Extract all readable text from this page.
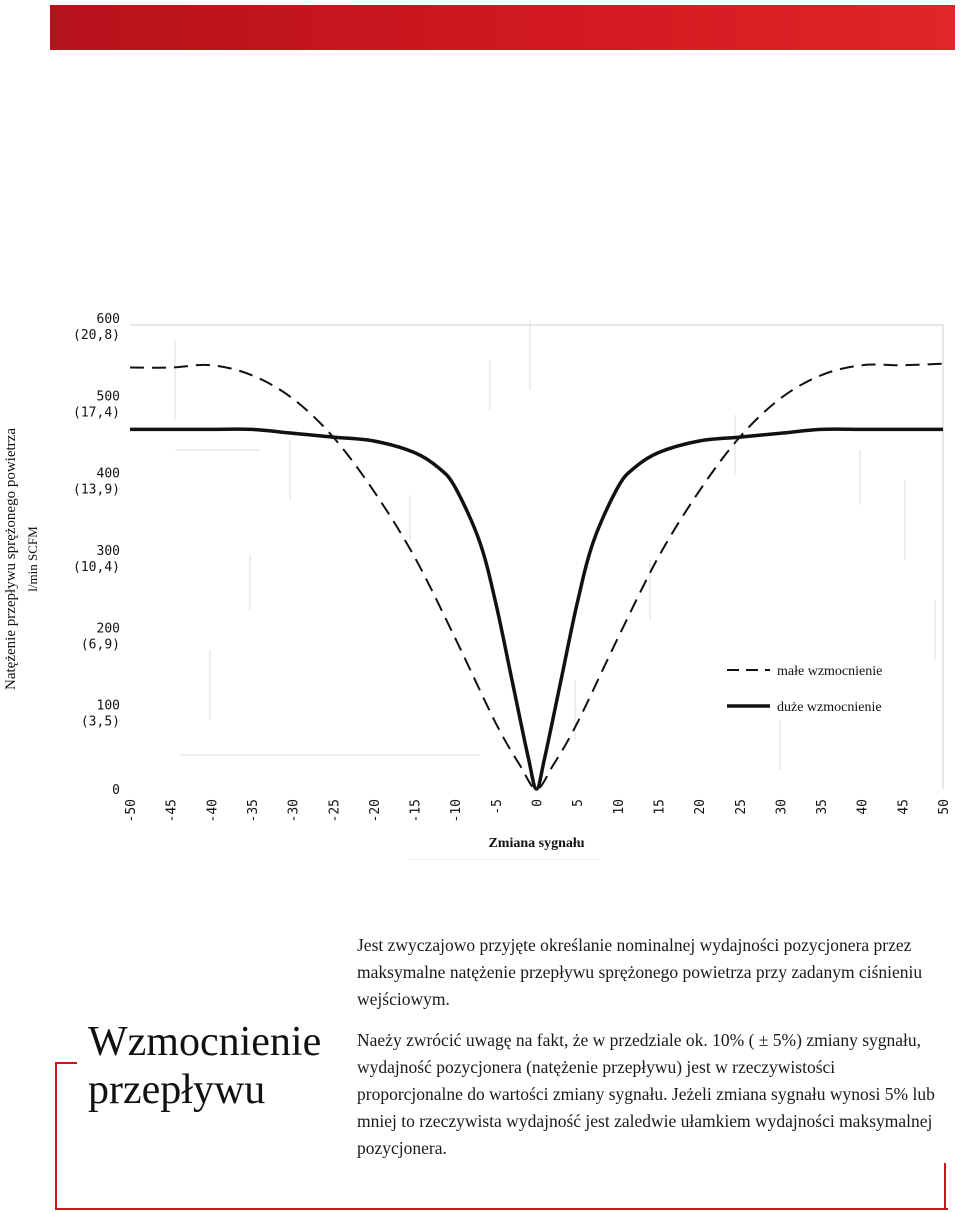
Natężenie przepływu sprężonego powietrza l/min SCFM
0
100
(3,5)
200
(6,9)
300
(10,4)
400
(13,9)
500
(17,4)
600
(20,8)
-50 -45 -40 -35 -30 -25 -20 -15 -10 -5 0 5 10 15 20 25 30 35 40 45 50
Zmiana sygnału
małe wzmocnienie
duże wzmocnienie
Wzmocnienie
przepływu

Jest zwyczajowo przyjęte określanie nominalnej wydajności pozycjonera przez maksymalne natężenie przepływu sprężonego powietrza przy zadanym ciśnieniu wejściowym.

Naeży zwrócić uwagę na fakt, że w przedziale ok. 10% ( ± 5%) zmiany sygnału, wydajność pozycjonera (natężenie przepływu) jest w rzeczywistości proporcjonalne do wartości zmiany sygnału. Jeżeli zmiana sygnału wynosi 5% lub mniej to rzeczywista wydajność jest zaledwie ułamkiem wydajności maksymalnej pozycjonera.
